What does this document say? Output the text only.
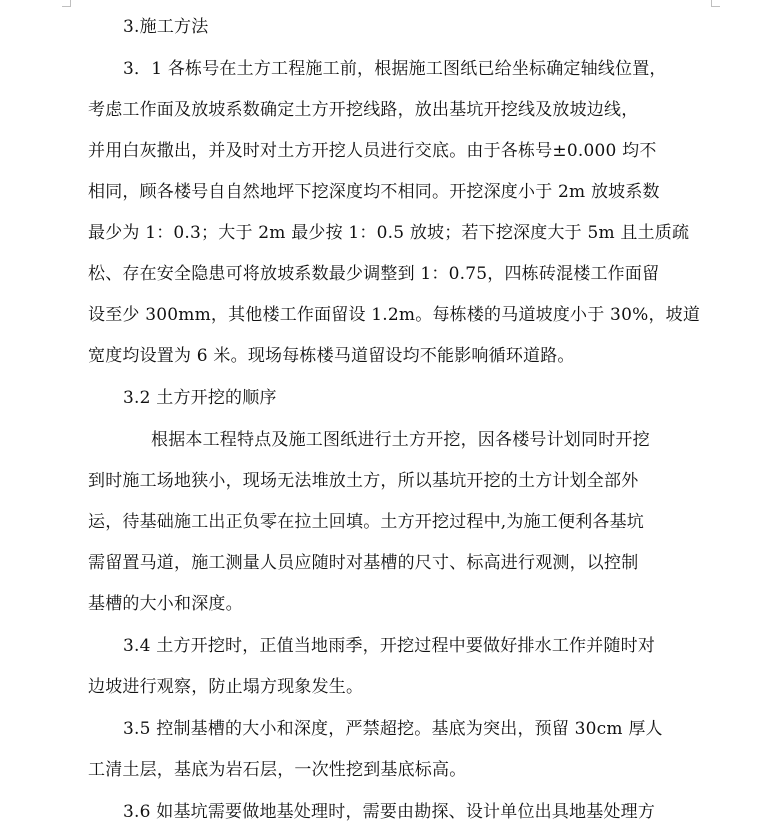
3.施工方法
3．1 各栋号在土方工程施工前，根据施工图纸已给坐标确定轴线位置，
考虑工作面及放坡系数确定土方开挖线路，放出基坑开挖线及放坡边线，
并用白灰撒出，并及时对土方开挖人员进行交底。由于各栋号±0.000 均不
相同，顾各楼号自自然地坪下挖深度均不相同。开挖深度小于 2m 放坡系数
最少为 1：0.3；大于 2m 最少按 1：0.5 放坡；若下挖深度大于 5m 且土质疏
松、存在安全隐患可将放坡系数最少调整到 1：0.75，四栋砖混楼工作面留
设至少 300mm，其他楼工作面留设 1.2m。每栋楼的马道坡度小于 30%，坡道
宽度均设置为 6 米。现场每栋楼马道留设均不能影响循环道路。
3.2 土方开挖的顺序
根据本工程特点及施工图纸进行土方开挖，因各楼号计划同时开挖
到时施工场地狭小，现场无法堆放土方，所以基坑开挖的土方计划全部外
运，待基础施工出正负零在拉土回填。土方开挖过程中,为施工便利各基坑
需留置马道，施工测量人员应随时对基槽的尺寸、标高进行观测，以控制
基槽的大小和深度。
3.4 土方开挖时，正值当地雨季，开挖过程中要做好排水工作并随时对
边坡进行观察，防止塌方现象发生。
3.5 控制基槽的大小和深度，严禁超挖。基底为突出，预留 30cm 厚人
工清土层，基底为岩石层，一次性挖到基底标高。
3.6 如基坑需要做地基处理时，需要由勘探、设计单位出具地基处理方
